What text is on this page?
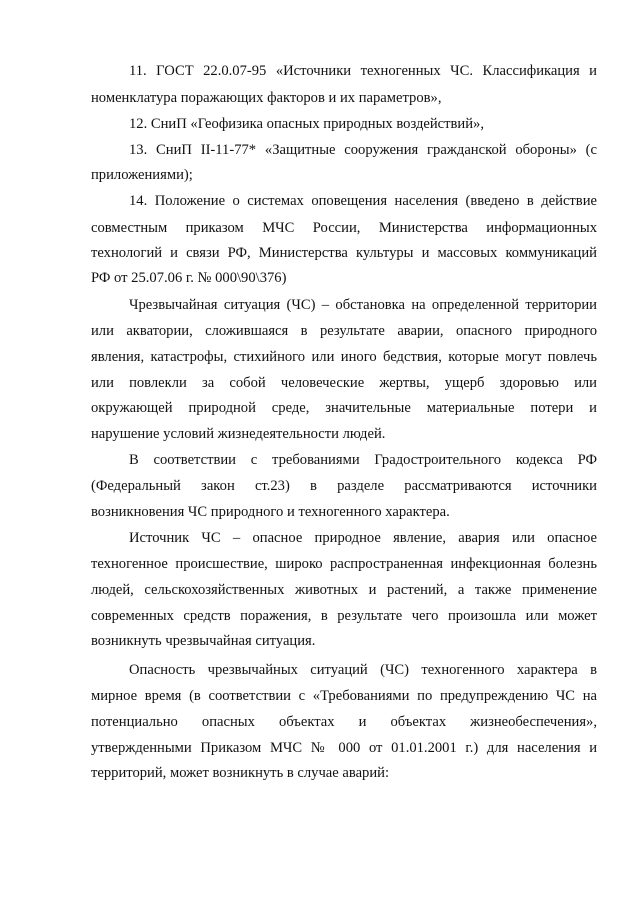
11. ГОСТ 22.0.07-95 «Источники техногенных ЧС. Классификация и
номенклатура поражающих факторов и их параметров»,
12. СниП «Геофизика опасных природных воздействий»,
13. СниП II-11-77* «Защитные сооружения гражданской обороны» (с
приложениями);
14. Положение о системах оповещения населения (введено в действие
совместным приказом МЧС России, Министерства информационных
технологий и связи РФ, Министерства культуры и массовых коммуникаций
РФ от 25.07.06 г. № 000\90\376)
Чрезвычайная ситуация (ЧС) – обстановка на определенной территории
или акватории, сложившаяся в результате аварии, опасного природного
явления, катастрофы, стихийного или иного бедствия, которые могут повлечь
или повлекли за собой человеческие жертвы, ущерб здоровью или
окружающей природной среде, значительные материальные потери и
нарушение условий жизнедеятельности людей.
В соответствии с требованиями Градостроительного кодекса РФ
(Федеральный закон ст.23) в разделе рассматриваются источники
возникновения ЧС природного и техногенного характера.
Источник ЧС – опасное природное явление, авария или опасное
техногенное происшествие, широко распространенная инфекционная болезнь
людей, сельскохозяйственных животных и растений, а также применение
современных средств поражения, в результате чего произошла или может
возникнуть чрезвычайная ситуация.
Опасность чрезвычайных ситуаций (ЧС) техногенного характера в
мирное время (в соответствии с «Требованиями по предупреждению ЧС на
потенциально опасных объектах и объектах жизнеобеспечения»,
утвержденными Приказом МЧС № 000 от 01.01.2001 г.) для населения и
территорий, может возникнуть в случае аварий:
